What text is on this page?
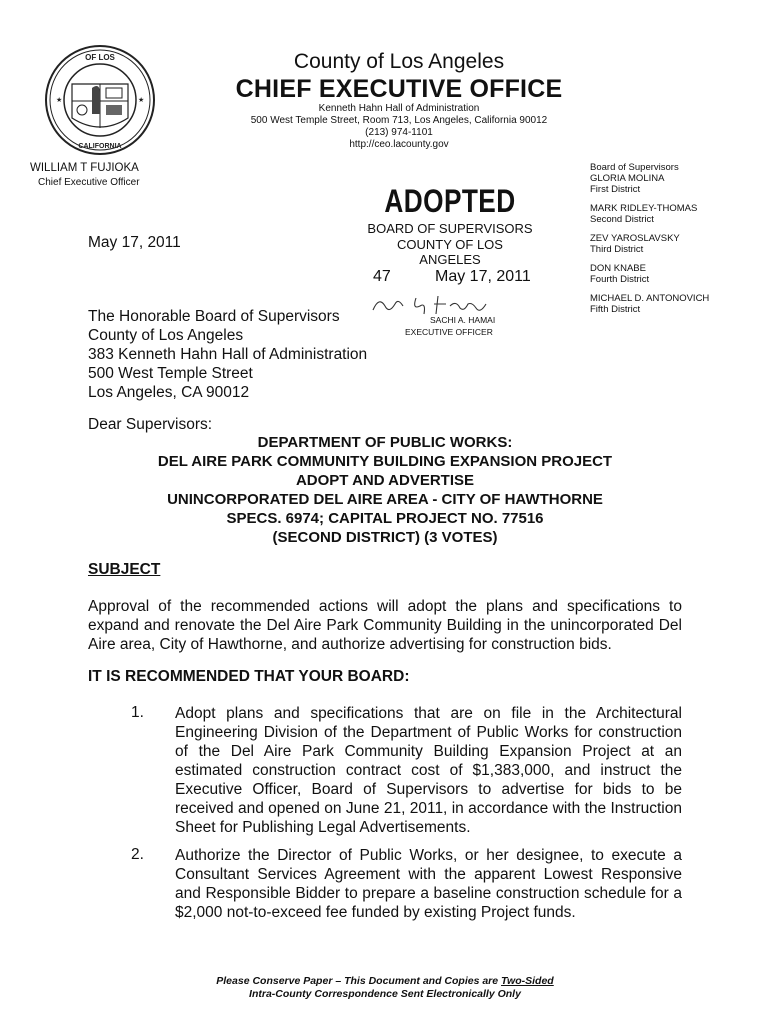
OF LOS
CALIFORNIA
★	★
County of Los Angeles
CHIEF EXECUTIVE OFFICE
Kenneth Hahn Hall of Administration
500 West Temple Street, Room 713, Los Angeles, California 90012
(213) 974-1101
http://ceo.lacounty.gov
WILLIAM T FUJIOKA
Chief Executive Officer
Board of Supervisors
GLORIA MOLINA
First District
MARK RIDLEY-THOMAS
Second District
ZEV YAROSLAVSKY
Third District
DON KNABE
Fourth District
MICHAEL D. ANTONOVICH
Fifth District
ADOPTED
BOARD OF SUPERVISORS
COUNTY OF LOS ANGELES
47	May 17, 2011
SACHI A. HAMAI
EXECUTIVE OFFICER
May 17, 2011
The Honorable Board of Supervisors
County of Los Angeles
383 Kenneth Hahn Hall of Administration
500 West Temple Street
Los Angeles, CA 90012
Dear Supervisors:
DEPARTMENT OF PUBLIC WORKS:
DEL AIRE PARK COMMUNITY BUILDING EXPANSION PROJECT
ADOPT AND ADVERTISE
UNINCORPORATED DEL AIRE AREA - CITY OF HAWTHORNE
SPECS. 6974; CAPITAL PROJECT NO. 77516
(SECOND DISTRICT) (3 VOTES)
SUBJECT
Approval of the recommended actions will adopt the plans and specifications to expand and renovate the Del Aire Park Community Building in the unincorporated Del Aire area, City of Hawthorne, and authorize advertising for construction bids.
IT IS RECOMMENDED THAT YOUR BOARD:
1. Adopt plans and specifications that are on file in the Architectural Engineering Division of the Department of Public Works for construction of the Del Aire Park Community Building Expansion Project at an estimated construction contract cost of $1,383,000, and instruct the Executive Officer, Board of Supervisors to advertise for bids to be received and opened on June 21, 2011, in accordance with the Instruction Sheet for Publishing Legal Advertisements.
2. Authorize the Director of Public Works, or her designee, to execute a Consultant Services Agreement with the apparent Lowest Responsive and Responsible Bidder to prepare a baseline construction schedule for a $2,000 not-to-exceed fee funded by existing Project funds.
Please Conserve Paper – This Document and Copies are Two-Sided
Intra-County Correspondence Sent Electronically Only
